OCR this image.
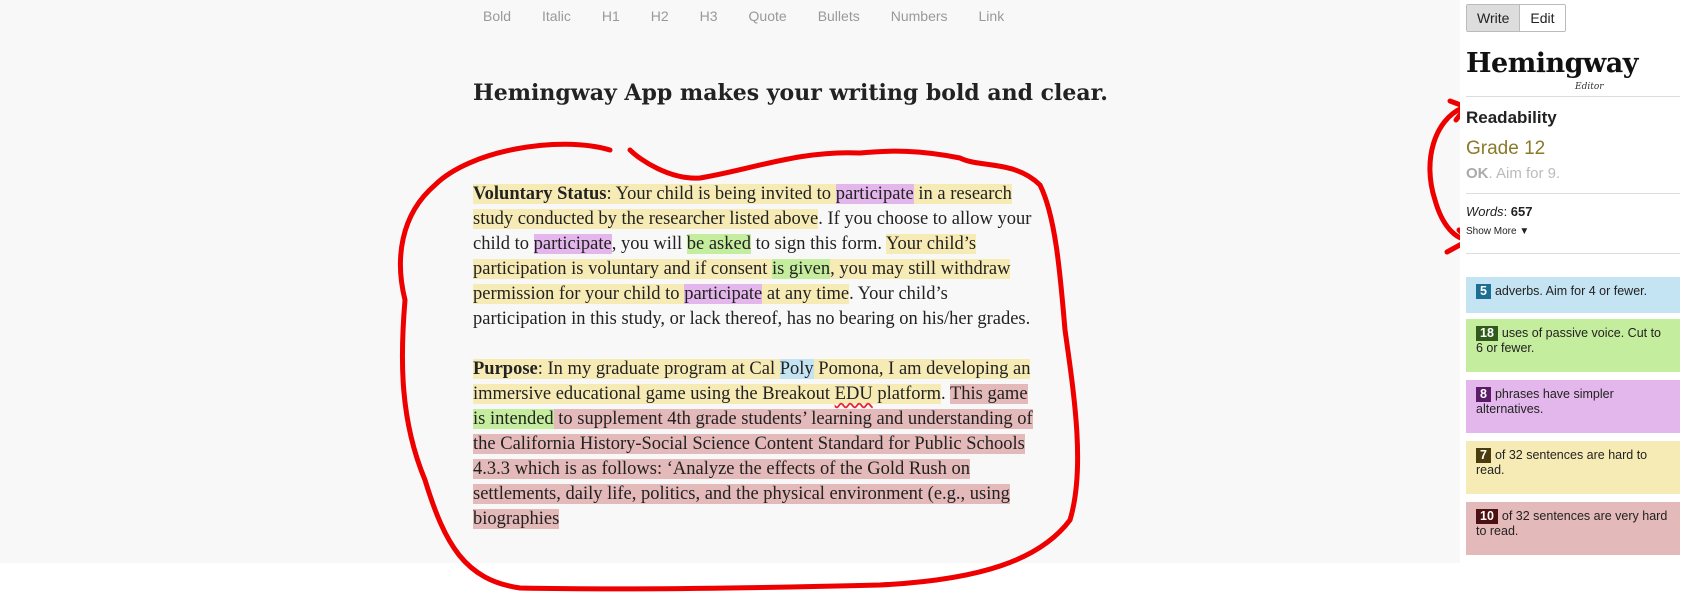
Bold Italic H1 H2 H3 Quote Bullets Numbers Link
Hemingway App makes your writing bold and clear.

Voluntary Status: Your child is being invited to participate in a research study conducted by the researcher listed above. If you choose to allow your child to participate, you will be asked to sign this form. Your child’s participation is voluntary and if consent is given, you may still withdraw permission for your child to participate at any time. Your child’s participation in this study, or lack thereof, has no bearing on his/her grades.

Purpose: In my graduate program at Cal Poly Pomona, I am developing an immersive educational game using the Breakout EDU platform. This game is intended to supplement 4th grade students’ learning and understanding of the California History-Social Science Content Standard for Public Schools 4.3.3 which is as follows: ‘Analyze the effects of the Gold Rush on settlements, daily life, politics, and the physical environment (e.g., using biographies

Write	Edit
Hemingway
Editor
Readability
Grade 12
OK. Aim for 9.
Words: 657
Show More ▼
5 adverbs. Aim for 4 or fewer.
18 uses of passive voice. Cut to 6 or fewer.
8 phrases have simpler alternatives.
7 of 32 sentences are hard to read.
10 of 32 sentences are very hard to read.
